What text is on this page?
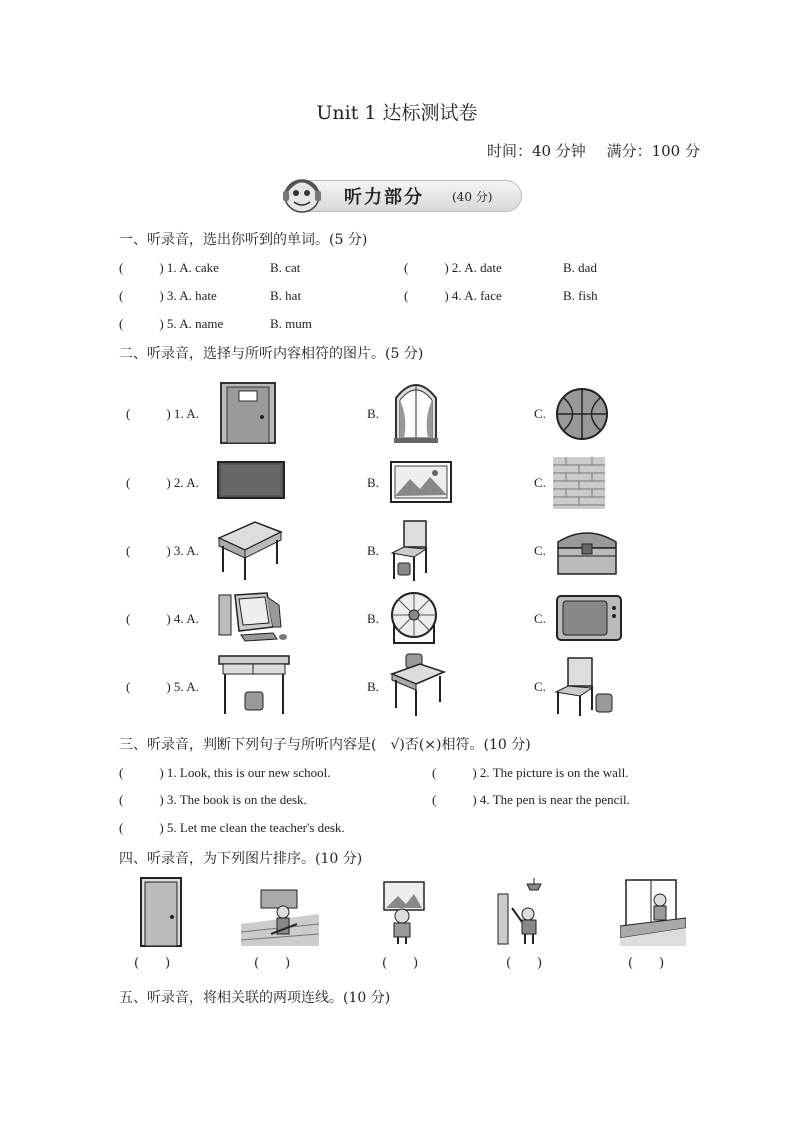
Unit 1 达标测试卷
时间：40 分钟 满分：100 分
听力部分 (40 分)
一、听录音，选出你听到的单词。(5 分)
(	) 1. A. cake	B. cat	(	) 2. A. date	B. dad
(	) 3. A. hate	B. hat	(	) 4. A. face	B. fish
(	) 5. A. name	B. mum
二、听录音，选择与所听内容相符的图片。(5 分)
(	) 1. A.	B.	C.
(	) 2. A.	B.	C.
(	) 3. A.	B.	C.
(	) 4. A.	B.	C.
(	) 5. A.	B.	C.
三、听录音，判断下列句子与所听内容是(　√)否(×)相符。(10 分)
(	) 1. Look, this is our new school.	(	) 2. The picture is on the wall.
(	) 3. The book is on the desk.	(	) 4. The pen is near the pencil.
(	) 5. Let me clean the teacher's desk.
四、听录音，为下列图片排序。(10 分)
(　　)	(　　)	(　　)	(　　)	(　　)
五、听录音，将相关联的两项连线。(10 分)
